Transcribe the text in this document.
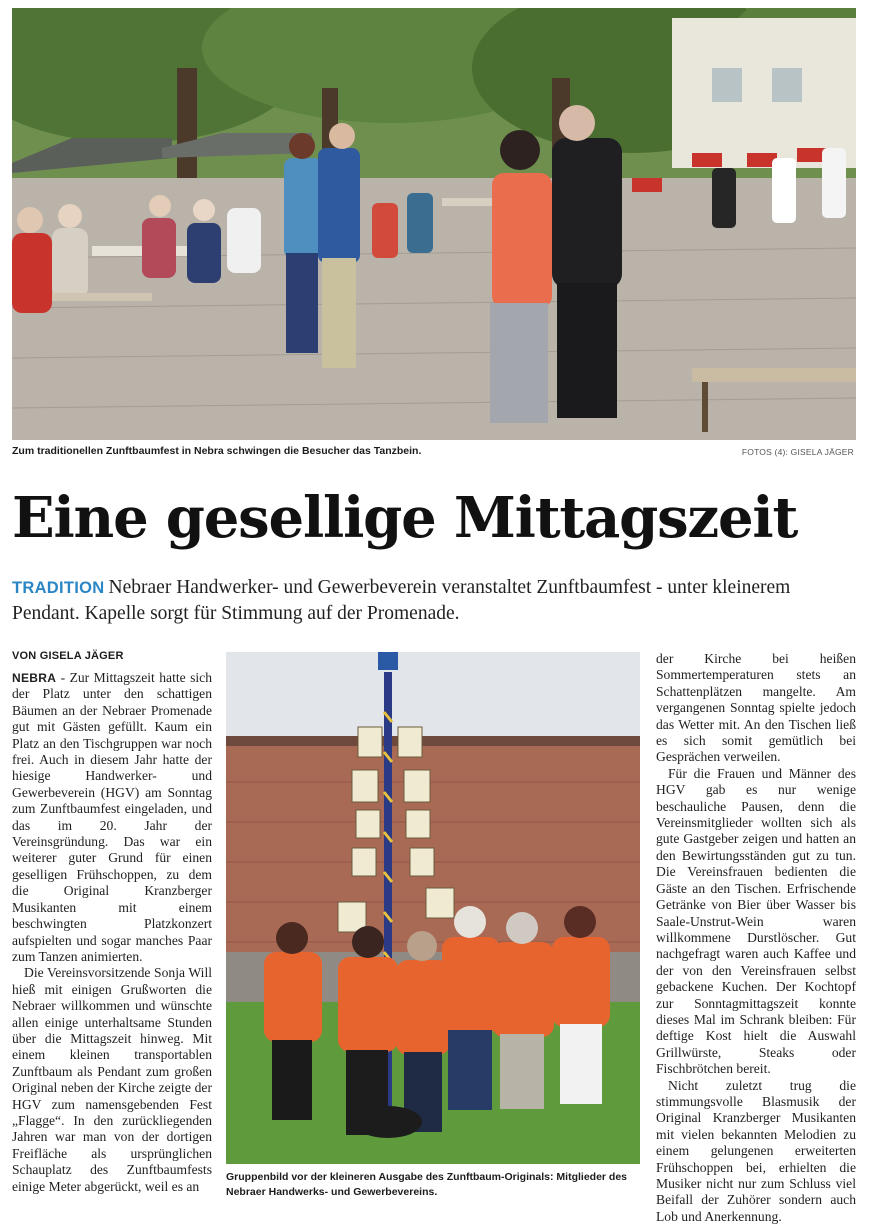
Zum traditionellen Zunftbaumfest in Nebra schwingen die Besucher das Tanzbein.	FOTOS (4): GISELA JÄGER
Eine gesellige Mittagszeit

TRADITION Nebraer Handwerker- und Gewerbeverein veranstaltet Zunftbaumfest - unter kleinerem Pendant. Kapelle sorgt für Stimmung auf der Promenade.

VON GISELA JÄGER

NEBRA - Zur Mittagszeit hatte sich der Platz unter den schattigen Bäumen an der Nebraer Promenade gut mit Gästen gefüllt. Kaum ein Platz an den Tischgruppen war noch frei. Auch in diesem Jahr hatte der hiesige Handwerker- und Gewerbeverein (HGV) am Sonntag zum Zunftbaumfest eingeladen, und das im 20. Jahr der Vereinsgründung. Das war ein weiterer guter Grund für einen geselligen Frühschoppen, zu dem die Original Kranzberger Musikanten mit einem beschwingten Platzkonzert aufspielten und sogar manches Paar zum Tanzen animierten.

Die Vereinsvorsitzende Sonja Will hieß mit einigen Grußworten die Nebraer willkommen und wünschte allen einige unterhaltsame Stunden über die Mittagszeit hinweg. Mit einem kleinen transportablen Zunftbaum als Pendant zum großen Original neben der Kirche zeigte der HGV zum namensgebenden Fest „Flagge“. In den zurückliegenden Jahren war man von der dortigen Freifläche als ursprünglichen Schauplatz des Zunftbaumfests einige Meter abgerückt, weil es an

Gruppenbild vor der kleineren Ausgabe des Zunftbaum-Originals: Mitglieder des Nebraer Handwerks- und Gewerbevereins.

der Kirche bei heißen Sommertemperaturen stets an Schattenplätzen mangelte. Am vergangenen Sonntag spielte jedoch das Wetter mit. An den Tischen ließ es sich somit gemütlich bei Gesprächen verweilen.

Für die Frauen und Männer des HGV gab es nur wenige beschauliche Pausen, denn die Vereinsmitglieder wollten sich als gute Gastgeber zeigen und hatten an den Bewirtungsständen gut zu tun. Die Vereinsfrauen bedienten die Gäste an den Tischen. Erfrischende Getränke von Bier über Wasser bis Saale-Unstrut-Wein waren willkommene Durstlöscher. Gut nachgefragt waren auch Kaffee und der von den Vereinsfrauen selbst gebackene Kuchen. Der Kochtopf zur Sonntagmittagszeit konnte dieses Mal im Schrank bleiben: Für deftige Kost hielt die Auswahl Grillwürste, Steaks oder Fischbrötchen bereit.

Nicht zuletzt trug die stimmungsvolle Blasmusik der Original Kranzberger Musikanten mit vielen bekannten Melodien zu einem gelungenen erweiterten Frühschoppen bei, erhielten die Musiker nicht nur zum Schluss viel Beifall der Zuhörer sondern auch Lob und Anerkennung.
